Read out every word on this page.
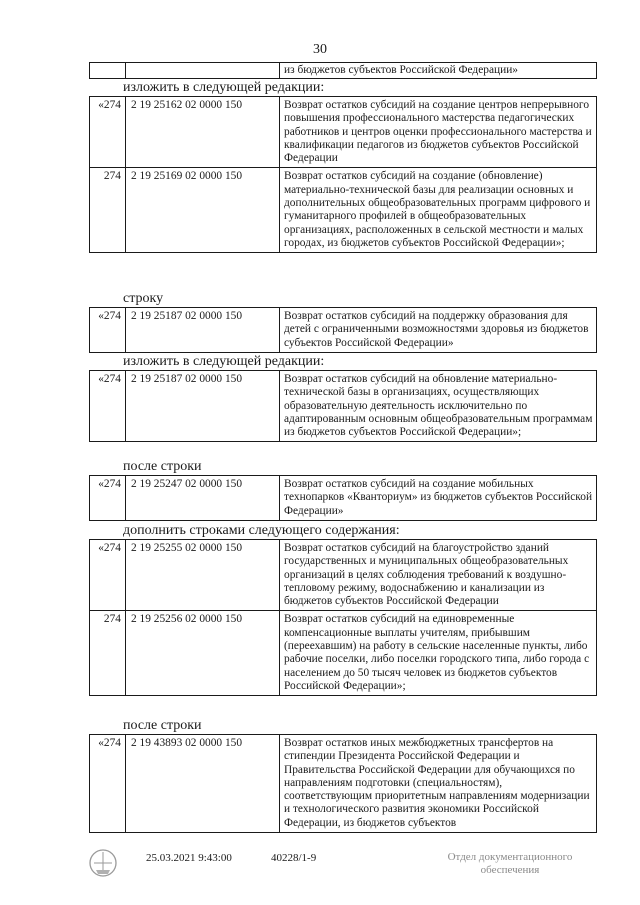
30
		из бюджетов субъектов Российской Федерации»
изложить в следующей редакции:
«274	2 19 25162 02 0000 150	Возврат остатков субсидий на создание центров непрерывного повышения профессионального мастерства педагогических работников и центров оценки профессионального мастерства и квалификации педагогов из бюджетов субъектов Российской Федерации
274	2 19 25169 02 0000 150	Возврат остатков субсидий на создание (обновление) материально-технической базы для реализации основных и дополнительных общеобразовательных программ цифрового и гуманитарного профилей в общеобразовательных организациях, расположенных в сельской местности и малых городах, из бюджетов субъектов Российской Федерации»;
строку
«274	2 19 25187 02 0000 150	Возврат остатков субсидий на поддержку образования для детей с ограниченными возможностями здоровья из бюджетов субъектов Российской Федерации»
изложить в следующей редакции:
«274	2 19 25187 02 0000 150	Возврат остатков субсидий на обновление материально-технической базы в организациях, осуществляющих образовательную деятельность исключительно по адаптированным основным общеобразовательным программам из бюджетов субъектов Российской Федерации»;
после строки
«274	2 19 25247 02 0000 150	Возврат остатков субсидий на создание мобильных технопарков «Кванториум» из бюджетов субъектов Российской Федерации»
дополнить строками следующего содержания:
«274	2 19 25255 02 0000 150	Возврат остатков субсидий на благоустройство зданий государственных и муниципальных общеобразовательных организаций в целях соблюдения требований к воздушно-тепловому режиму, водоснабжению и канализации из бюджетов субъектов Российской Федерации
274	2 19 25256 02 0000 150	Возврат остатков субсидий на единовременные компенсационные выплаты учителям, прибывшим (переехавшим) на работу в сельские населенные пункты, либо рабочие поселки, либо поселки городского типа, либо города с населением до 50 тысяч человек из бюджетов субъектов Российской Федерации»;
после строки
«274	2 19 43893 02 0000 150	Возврат остатков иных межбюджетных трансфертов на стипендии Президента Российской Федерации и Правительства Российской Федерации для обучающихся по направлениям подготовки (специальностям), соответствующим приоритетным направлениям модернизации и технологического развития экономики Российской Федерации, из бюджетов субъектов
25.03.2021 9:43:00	40228/1-9	Отдел документационного
обеспечения
